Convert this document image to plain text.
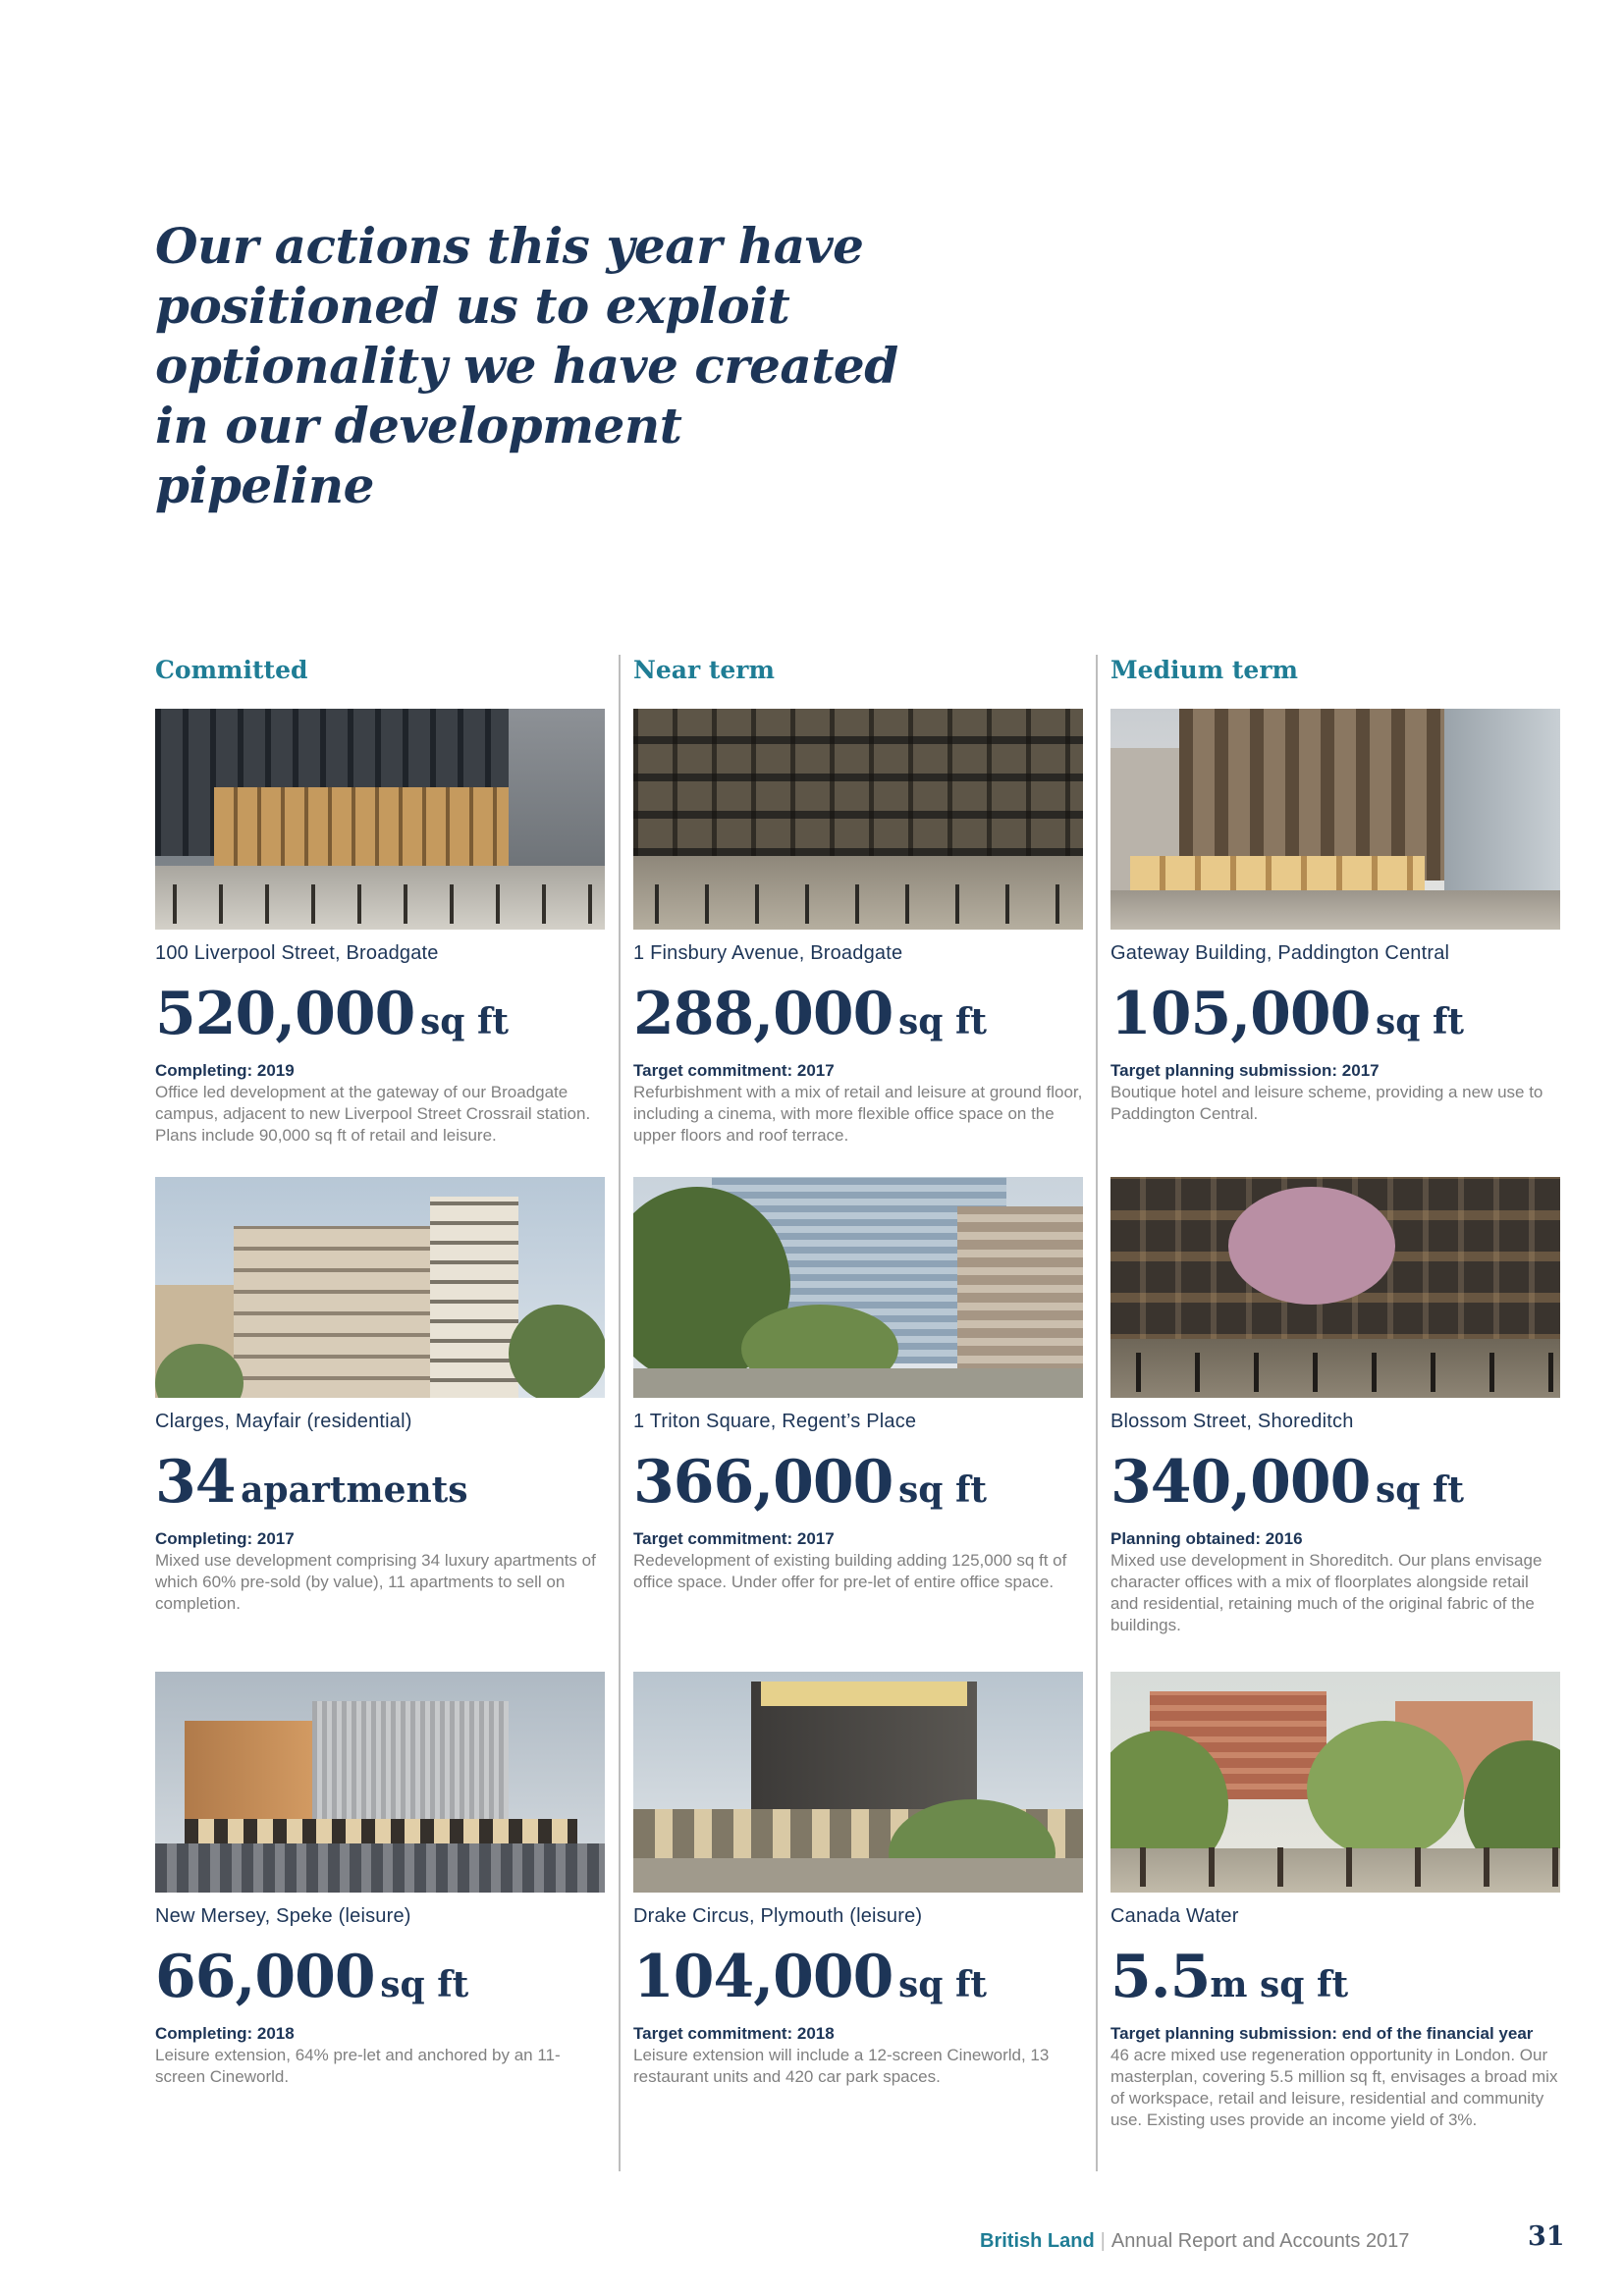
Our actions this year have positioned us to exploit optionality we have created in our development pipeline
Committed	Near term	Medium term
100 Liverpool Street, Broadgate
520,000 sq ft
Completing: 2019
Office led development at the gateway of our Broadgate campus, adjacent to new Liverpool Street Crossrail station. Plans include 90,000 sq ft of retail and leisure.
1 Finsbury Avenue, Broadgate
288,000 sq ft
Target commitment: 2017
Refurbishment with a mix of retail and leisure at ground floor, including a cinema, with more flexible office space on the upper floors and roof terrace.
Gateway Building, Paddington Central
105,000 sq ft
Target planning submission: 2017
Boutique hotel and leisure scheme, providing a new use to Paddington Central.
Clarges, Mayfair (residential)
34 apartments
Completing: 2017
Mixed use development comprising 34 luxury apartments of which 60% pre-sold (by value), 11 apartments to sell on completion.
1 Triton Square, Regent’s Place
366,000 sq ft
Target commitment: 2017
Redevelopment of existing building adding 125,000 sq ft of office space. Under offer for pre-let of entire office space.
Blossom Street, Shoreditch
340,000 sq ft
Planning obtained: 2016
Mixed use development in Shoreditch. Our plans envisage character offices with a mix of floorplates alongside retail and residential, retaining much of the original fabric of the buildings.
New Mersey, Speke (leisure)
66,000 sq ft
Completing: 2018
Leisure extension, 64% pre-let and anchored by an 11-screen Cineworld.
Drake Circus, Plymouth (leisure)
104,000 sq ft
Target commitment: 2018
Leisure extension will include a 12-screen Cineworld, 13 restaurant units and 420 car park spaces.
Canada Water
5.5m sq ft
Target planning submission: end of the financial year
46 acre mixed use regeneration opportunity in London. Our masterplan, covering 5.5 million sq ft, envisages a broad mix of workspace, retail and leisure, residential and community use. Existing uses provide an income yield of 3%.
British Land | Annual Report and Accounts 2017	31
